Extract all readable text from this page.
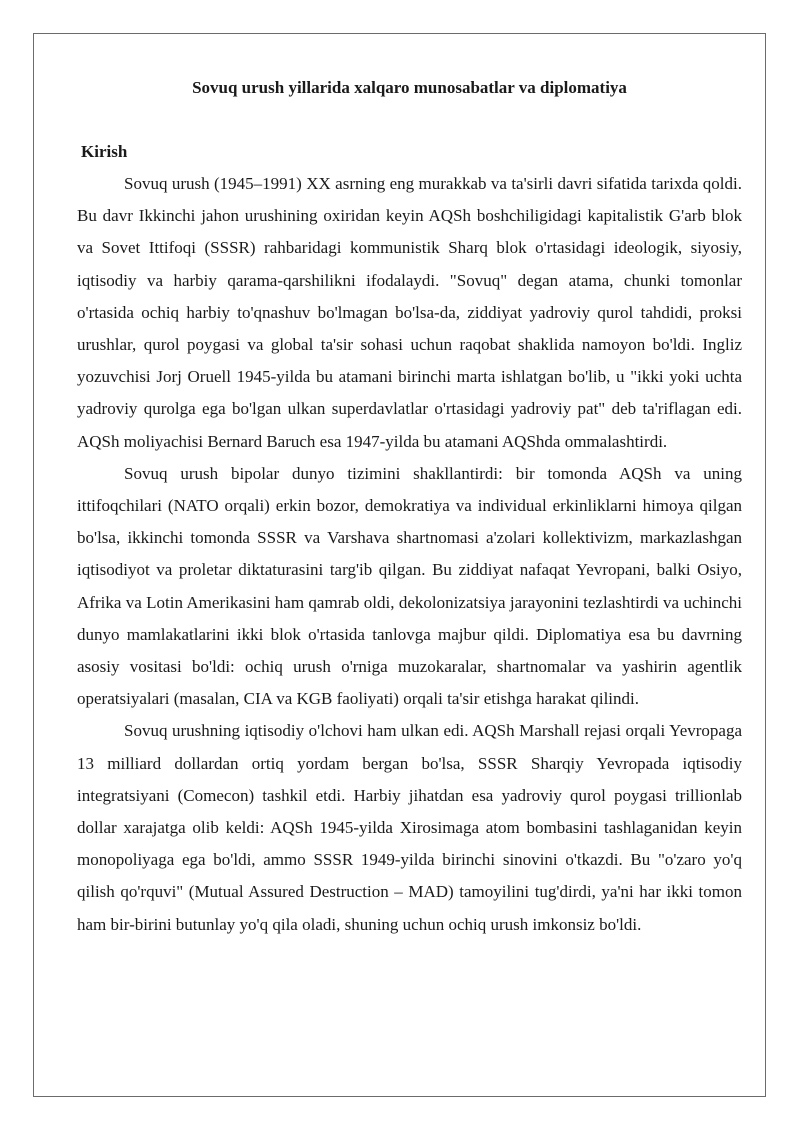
Sovuq urush yillarida xalqaro munosabatlar va diplomatiya
Kirish

Sovuq urush (1945–1991) XX asrning eng murakkab va ta'sirli davri sifatida tarixda qoldi. Bu davr Ikkinchi jahon urushining oxiridan keyin AQSh boshchiligidagi kapitalistik G'arb blok va Sovet Ittifoqi (SSSR) rahbaridagi kommunistik Sharq blok o'rtasidagi ideologik, siyosiy, iqtisodiy va harbiy qarama-qarshilikni ifodalaydi. "Sovuq" degan atama, chunki tomonlar o'rtasida ochiq harbiy to'qnashuv bo'lmagan bo'lsa-da, ziddiyat yadroviy qurol tahdidi, proksi urushlar, qurol poygasi va global ta'sir sohasi uchun raqobat shaklida namoyon bo'ldi. Ingliz yozuvchisi Jorj Oruell 1945-yilda bu atamani birinchi marta ishlatgan bo'lib, u "ikki yoki uchta yadroviy qurolga ega bo'lgan ulkan superdavlatlar o'rtasidagi yadroviy pat" deb ta'riflagan edi. AQSh moliyachisi Bernard Baruch esa 1947-yilda bu atamani AQShda ommalashtirdi.

Sovuq urush bipolar dunyo tizimini shakllantirdi: bir tomonda AQSh va uning ittifoqchilari (NATO orqali) erkin bozor, demokratiya va individual erkinliklarni himoya qilgan bo'lsa, ikkinchi tomonda SSSR va Varshava shartnomasi a'zolari kollektivizm, markazlashgan iqtisodiyot va proletar diktaturasini targ'ib qilgan. Bu ziddiyat nafaqat Yevropani, balki Osiyo, Afrika va Lotin Amerikasini ham qamrab oldi, dekolonizatsiya jarayonini tezlashtirdi va uchinchi dunyo mamlakatlarini ikki blok o'rtasida tanlovga majbur qildi. Diplomatiya esa bu davrning asosiy vositasi bo'ldi: ochiq urush o'rniga muzokaralar, shartnomalar va yashirin agentlik operatsiyalari (masalan, CIA va KGB faoliyati) orqali ta'sir etishga harakat qilindi.

Sovuq urushning iqtisodiy o'lchovi ham ulkan edi. AQSh Marshall rejasi orqali Yevropaga 13 milliard dollardan ortiq yordam bergan bo'lsa, SSSR Sharqiy Yevropada iqtisodiy integratsiyani (Comecon) tashkil etdi. Harbiy jihatdan esa yadroviy qurol poygasi trillionlab dollar xarajatga olib keldi: AQSh 1945-yilda Xirosimaga atom bombasini tashlaganidan keyin monopoliyaga ega bo'ldi, ammo SSSR 1949-yilda birinchi sinovini o'tkazdi. Bu "o'zaro yo'q qilish qo'rquvi" (Mutual Assured Destruction – MAD) tamoyilini tug'dirdi, ya'ni har ikki tomon ham bir-birini butunlay yo'q qila oladi, shuning uchun ochiq urush imkonsiz bo'ldi.
